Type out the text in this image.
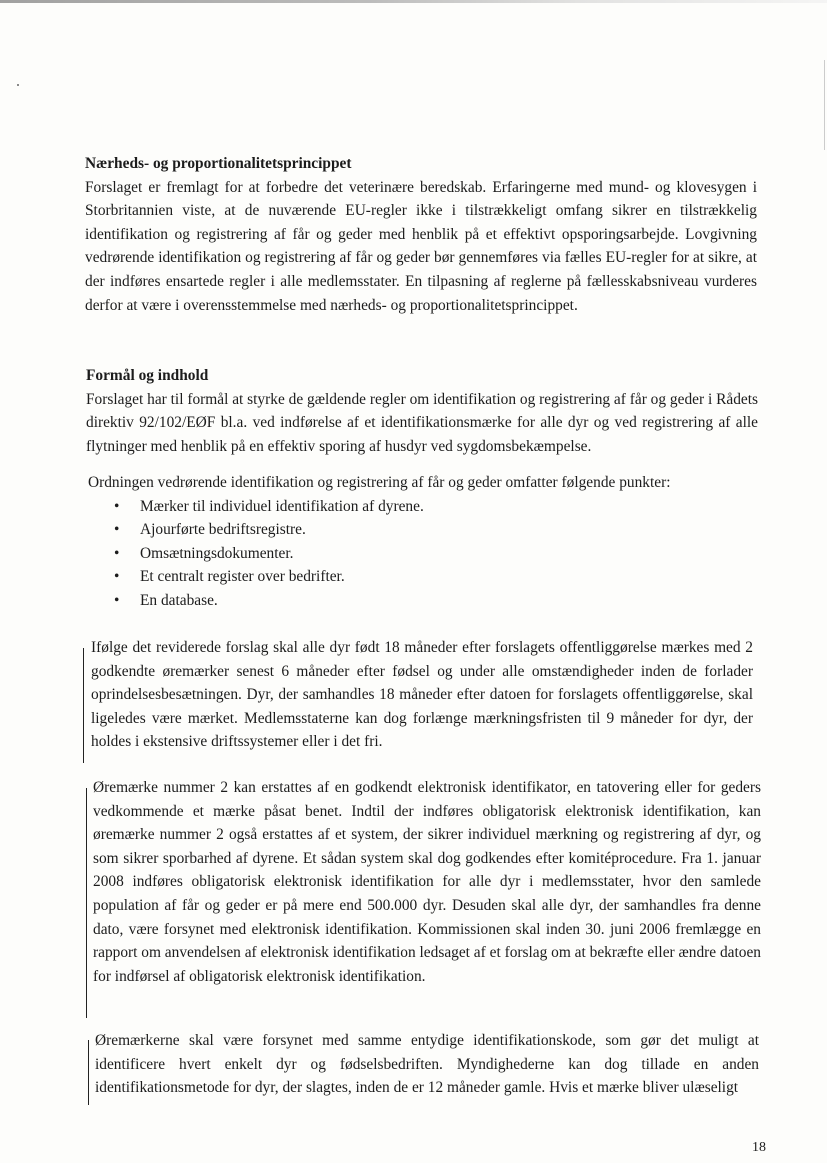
Nærheds- og proportionalitetsprincippet
Forslaget er fremlagt for at forbedre det veterinære beredskab. Erfaringerne med mund- og klovesygen i Storbritannien viste, at de nuværende EU-regler ikke i tilstrækkeligt omfang sikrer en tilstrækkelig identifikation og registrering af får og geder med henblik på et effektivt opsporingsarbejde. Lovgivning vedrørende identifikation og registrering af får og geder bør gennemføres via fælles EU-regler for at sikre, at der indføres ensartede regler i alle medlemsstater. En tilpasning af reglerne på fællesskabsniveau vurderes derfor at være i overensstemmelse med nærheds- og proportionalitetsprincippet.
Formål og indhold
Forslaget har til formål at styrke de gældende regler om identifikation og registrering af får og geder i Rådets direktiv 92/102/EØF bl.a. ved indførelse af et identifikationsmærke for alle dyr og ved registrering af alle flytninger med henblik på en effektiv sporing af husdyr ved sygdomsbekæmpelse.
Ordningen vedrørende identifikation og registrering af får og geder omfatter følgende punkter:
• Mærker til individuel identifikation af dyrene.
• Ajourførte bedriftsregistre.
• Omsætningsdokumenter.
• Et centralt register over bedrifter.
• En database.
Ifølge det reviderede forslag skal alle dyr født 18 måneder efter forslagets offentliggørelse mærkes med 2 godkendte øremærker senest 6 måneder efter fødsel og under alle omstændigheder inden de forlader oprindelsesbesætningen. Dyr, der samhandles 18 måneder efter datoen for forslagets offentliggørelse, skal ligeledes være mærket. Medlemsstaterne kan dog forlænge mærkningsfristen til 9 måneder for dyr, der holdes i ekstensive driftssystemer eller i det fri.
Øremærke nummer 2 kan erstattes af en godkendt elektronisk identifikator, en tatovering eller for geders vedkommende et mærke påsat benet. Indtil der indføres obligatorisk elektronisk identifikation, kan øremærke nummer 2 også erstattes af et system, der sikrer individuel mærkning og registrering af dyr, og som sikrer sporbarhed af dyrene. Et sådan system skal dog godkendes efter komitéprocedure. Fra 1. januar 2008 indføres obligatorisk elektronisk identifikation for alle dyr i medlemsstater, hvor den samlede population af får og geder er på mere end 500.000 dyr. Desuden skal alle dyr, der samhandles fra denne dato, være forsynet med elektronisk identifikation. Kommissionen skal inden 30. juni 2006 fremlægge en rapport om anvendelsen af elektronisk identifikation ledsaget af et forslag om at bekræfte eller ændre datoen for indførsel af obligatorisk elektronisk identifikation.
Øremærkerne skal være forsynet med samme entydige identifikationskode, som gør det muligt at identificere hvert enkelt dyr og fødselsbedriften. Myndighederne kan dog tillade en anden identifikationsmetode for dyr, der slagtes, inden de er 12 måneder gamle. Hvis et mærke bliver ulæseligt
18
